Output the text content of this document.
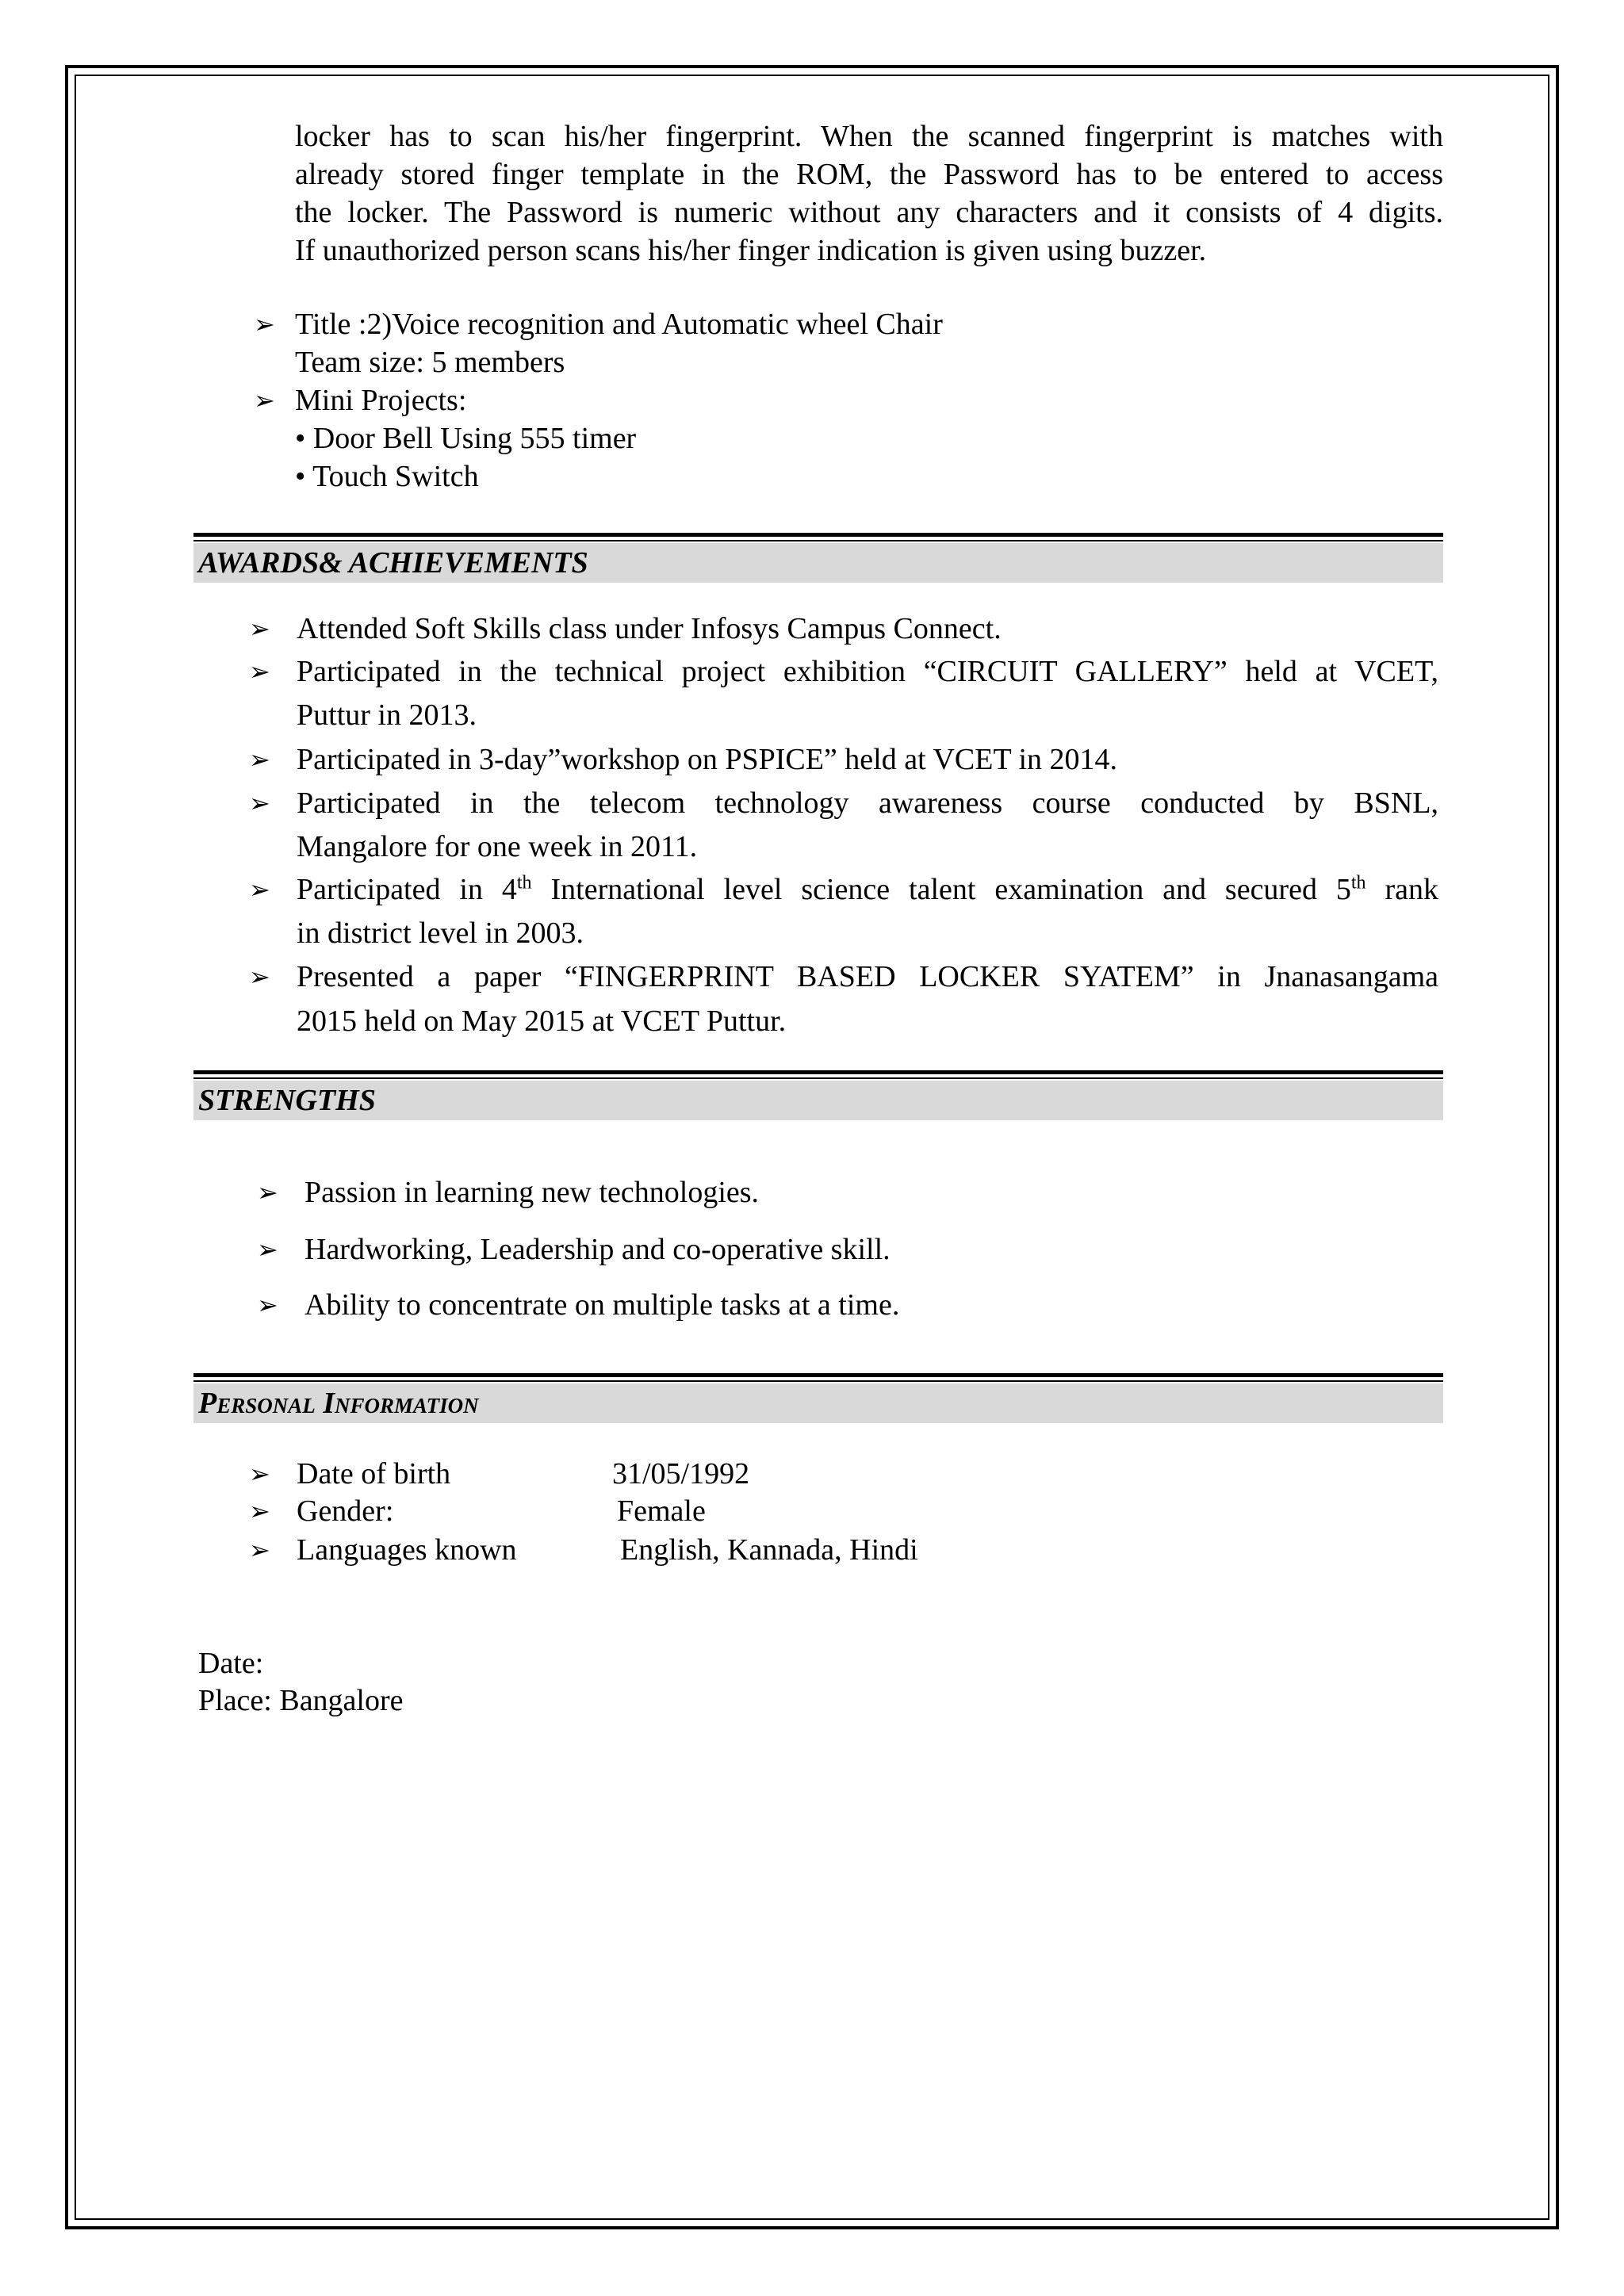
locker has to scan his/her fingerprint. When the scanned fingerprint is matches with
already stored finger template in the ROM, the Password has to be entered to access
the locker. The Password is numeric without any characters and it consists of 4 digits.
If unauthorized person scans his/her finger indication is given using buzzer.
➢ Title :2)Voice recognition and Automatic wheel Chair
Team size: 5 members
➢ Mini Projects:
• Door Bell Using 555 timer
• Touch Switch
AWARDS& ACHIEVEMENTS
➢ Attended Soft Skills class under Infosys Campus Connect.
➢ Participated in the technical project exhibition “CIRCUIT GALLERY” held at VCET,
Puttur in 2013.
➢ Participated in 3-day”workshop on PSPICE” held at VCET in 2014.
➢ Participated in the telecom technology awareness course conducted by BSNL,
Mangalore for one week in 2011.
➢ Participated in 4th International level science talent examination and secured 5th rank
in district level in 2003.
➢ Presented a paper “FINGERPRINT BASED LOCKER SYATEM” in Jnanasangama
2015 held on May 2015 at VCET Puttur.
STRENGTHS
➢ Passion in learning new technologies.
➢ Hardworking, Leadership and co-operative skill.
➢ Ability to concentrate on multiple tasks at a time.
Personal Information
➢ Date of birth	31/05/1992
➢ Gender:	Female
➢ Languages known	English, Kannada, Hindi
Date:
Place: Bangalore
